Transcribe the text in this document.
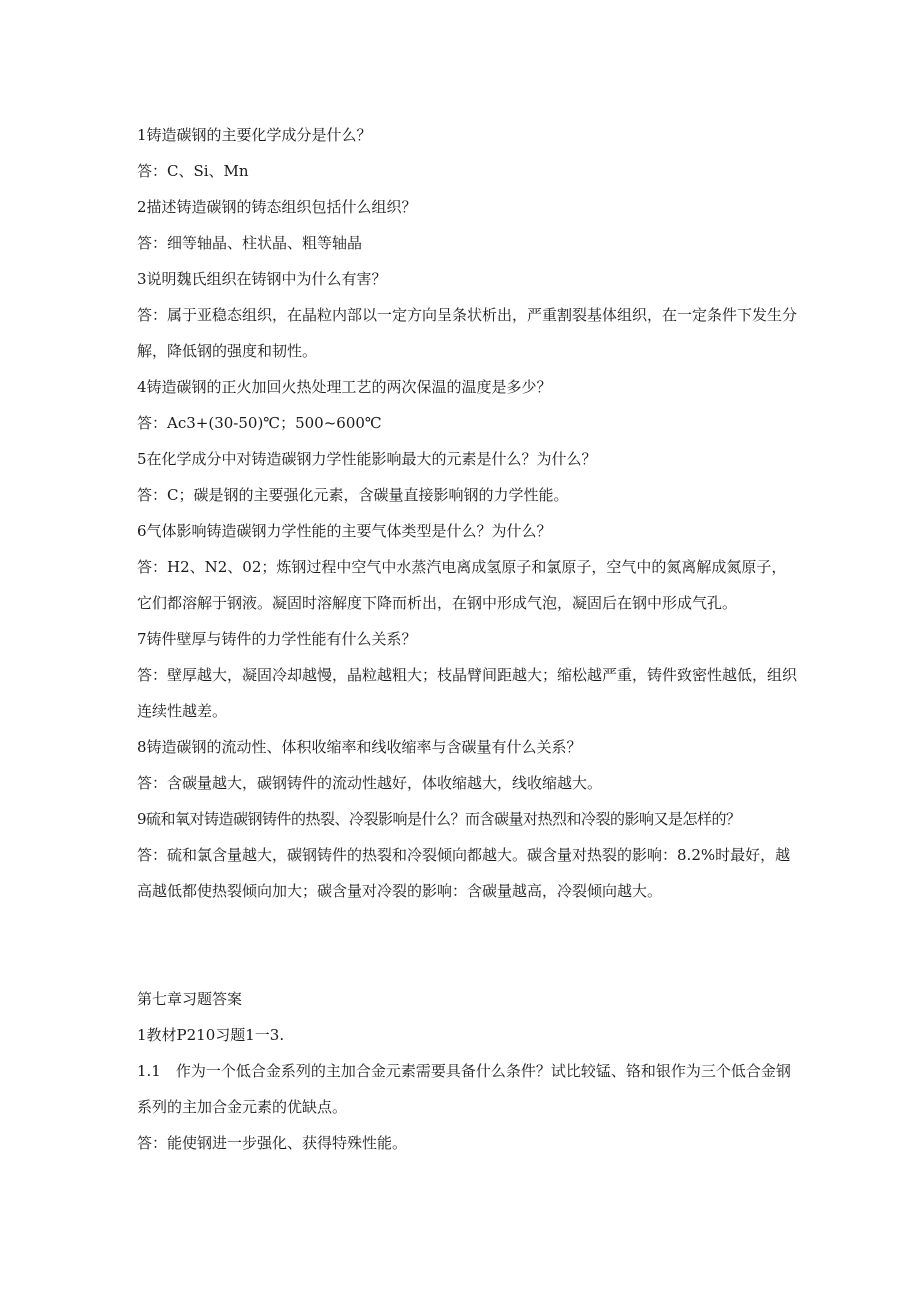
1铸造碳钢的主要化学成分是什么？

答：C、Si、Mn

2描述铸造碳钢的铸态组织包括什么组织？

答：细等轴晶、柱状晶、粗等轴晶

3说明魏氏组织在铸钢中为什么有害？

答：属于亚稳态组织，在晶粒内部以一定方向呈条状析出，严重割裂基体组织，在一定条件下发生分解，降低钢的强度和韧性。

4铸造碳钢的正火加回火热处理工艺的两次保温的温度是多少？

答：Ac3+(30-50)℃；500~600℃

5在化学成分中对铸造碳钢力学性能影响最大的元素是什么？为什么？

答：C；碳是钢的主要强化元素，含碳量直接影响钢的力学性能。

6气体影响铸造碳钢力学性能的主要气体类型是什么？为什么？

答：H2、N2、02；炼钢过程中空气中水蒸汽电离成氢原子和氯原子，空气中的氮离解成氮原子，它们都溶解于钢液。凝固时溶解度下降而析出，在钢中形成气泡，凝固后在钢中形成气孔。

7铸件壁厚与铸件的力学性能有什么关系？

答：壁厚越大，凝固冷却越慢，晶粒越粗大；枝晶臂间距越大；缩松越严重，铸件致密性越低，组织连续性越差。

8铸造碳钢的流动性、体积收缩率和线收缩率与含碳量有什么关系？

答：含碳量越大，碳钢铸件的流动性越好，体收缩越大，线收缩越大。

9硫和氧对铸造碳钢铸件的热裂、冷裂影响是什么？而含碳量对热烈和冷裂的影响又是怎样的？

答：硫和氯含量越大，碳钢铸件的热裂和冷裂倾向都越大。碳含量对热裂的影响：8.2%时最好，越高越低都使热裂倾向加大；碳含量对冷裂的影响：含碳量越高，冷裂倾向越大。

第七章习题答案

1教材P210习题1一3.

1.1　作为一个低合金系列的主加合金元素需要具备什么条件？试比较锰、铬和银作为三个低合金钢系列的主加合金元素的优缺点。

答：能使钢进一步强化、获得特殊性能。
